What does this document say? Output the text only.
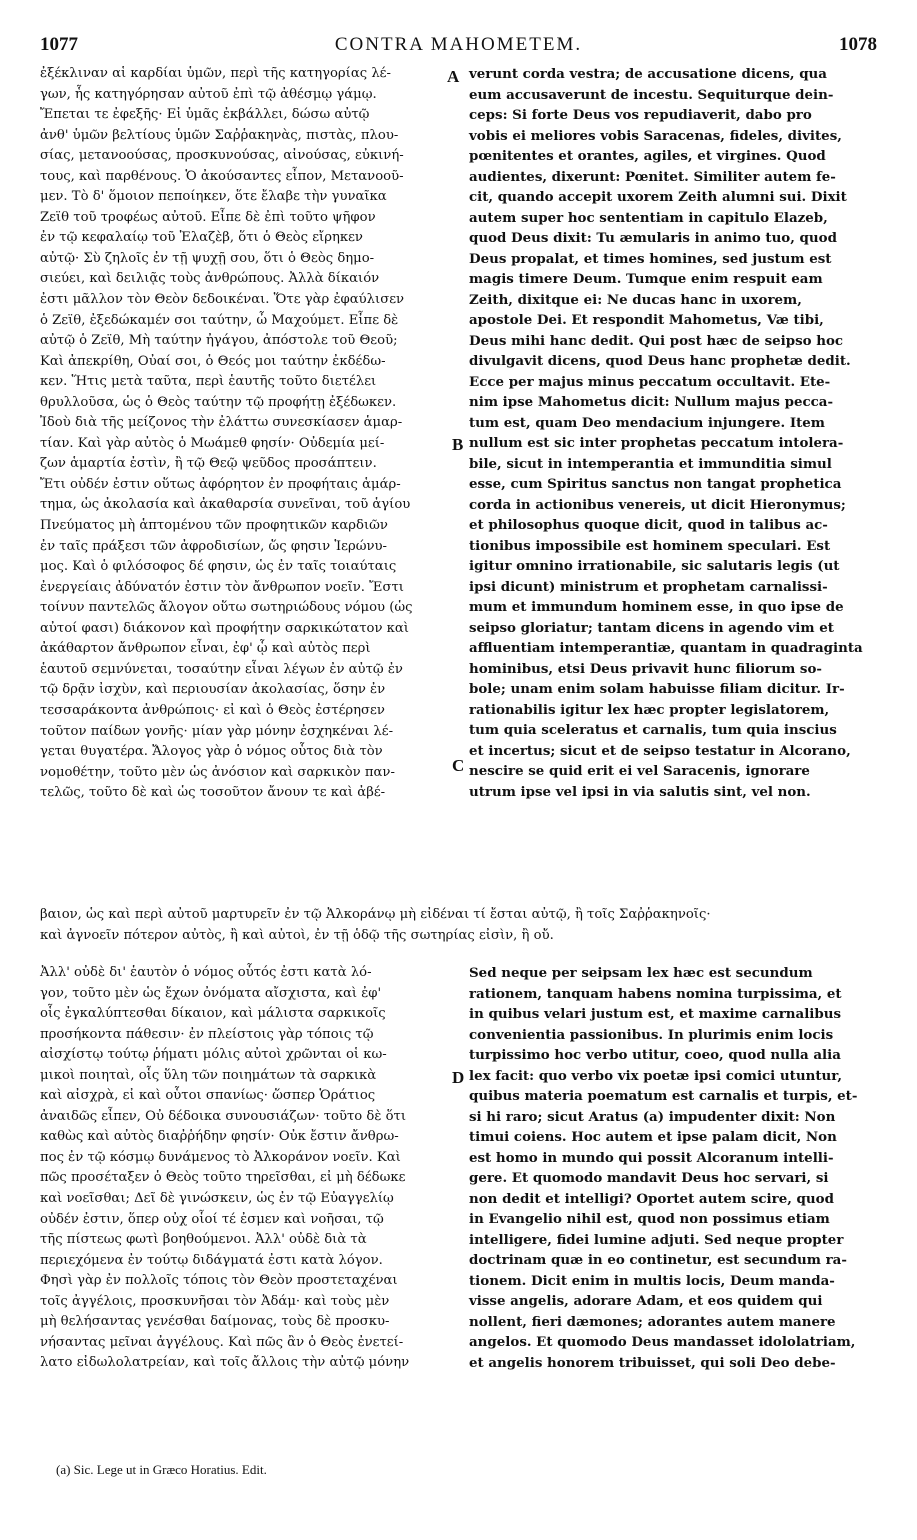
1077	CONTRA MAHOMETEM.	1078
ἐξέκλιναν αἱ καρδίαι ὑμῶν, περὶ τῆς κατηγορίας λέ-
γων, ἧς κατηγόρησαν αὐτοῦ ἐπὶ τῷ ἀθέσμῳ γάμῳ.
Ἔπεται τε ἐφεξῆς· Εἰ ὑμᾶς ἐκβάλλει, δώσω αὐτῷ
ἀνθ' ὑμῶν βελτίους ὑμῶν Σαῤῥακηνὰς, πιστὰς, πλου-
σίας, μετανοούσας, προσκυνούσας, αἰνούσας, εὐκινή-
τους, καὶ παρθένους. Ὁ ἀκούσαντες εἶπον, Μετανοοῦ-
μεν. Τὸ δ' ὅμοιον πεποίηκεν, ὅτε ἔλαβε τὴν γυναῖκα
Ζεϊθ τοῦ τροφέως αὐτοῦ. Εἶπε δὲ ἐπὶ τοῦτο ψῆφον
ἐν τῷ κεφαλαίῳ τοῦ Ἐλαζὲβ, ὅτι ὁ Θεὸς εἴρηκεν
αὐτῷ· Σὺ ζηλοῖς ἐν τῇ ψυχῇ σου, ὅτι ὁ Θεὸς δημο-
σιεύει, καὶ δειλιᾷς τοὺς ἀνθρώπους. Ἀλλὰ δίκαιόν
ἐστι μᾶλλον τὸν Θεὸν δεδοικέναι. Ὅτε γὰρ ἐφαύλισεν
ὁ Ζεϊθ, ἐξεδώκαμέν σοι ταύτην, ὦ Μαχούμετ. Εἶπε δὲ
αὐτῷ ὁ Ζεϊθ, Μὴ ταύτην ἠγάγου, ἀπόστολε τοῦ Θεοῦ;
Καὶ ἀπεκρίθη, Οὐαί σοι, ὁ Θεός μοι ταύτην ἐκδέδω-
κεν. Ἥτις μετὰ ταῦτα, περὶ ἑαυτῆς τοῦτο διετέλει
θρυλλοῦσα, ὡς ὁ Θεὸς ταύτην τῷ προφήτῃ ἐξέδωκεν.
Ἰδοὺ διὰ τῆς μείζονος τὴν ἐλάττω συνεσκίασεν ἁμαρ-
τίαν. Καὶ γὰρ αὐτὸς ὁ Μωάμεθ φησίν· Οὐδεμία μεί-
ζων ἁμαρτία ἐστὶν, ἢ τῷ Θεῷ ψεῦδος προσάπτειν.
Ἔτι οὐδέν ἐστιν οὕτως ἀφόρητον ἐν προφήταις ἁμάρ-
τημα, ὡς ἀκολασία καὶ ἀκαθαρσία συνεῖναι, τοῦ ἁγίου
Πνεύματος μὴ ἁπτομένου τῶν προφητικῶν καρδιῶν
ἐν ταῖς πράξεσι τῶν ἀφροδισίων, ὥς φησιν Ἱερώνυ-
μος. Καὶ ὁ φιλόσοφος δέ φησιν, ὡς ἐν ταῖς τοιαύταις
ἐνεργείαις ἀδύνατόν ἐστιν τὸν ἄνθρωπον νοεῖν. Ἔστι
τοίνυν παντελῶς ἄλογον οὕτω σωτηριώδους νόμου (ὡς
αὐτοί φασι) διάκονον καὶ προφήτην σαρκικώτατον καὶ
ἀκάθαρτον ἄνθρωπον εἶναι, ἐφ' ᾧ καὶ αὐτὸς περὶ
ἑαυτοῦ σεμνύνεται, τοσαύτην εἶναι λέγων ἐν αὐτῷ ἐν
τῷ δρᾷν ἰσχὺν, καὶ περιουσίαν ἀκολασίας, ὅσην ἐν
τεσσαράκοντα ἀνθρώποις· εἰ καὶ ὁ Θεὸς ἐστέρησεν
τοῦτον παίδων γονῆς· μίαν γὰρ μόνην ἐσχηκέναι λέ-
γεται θυγατέρα. Ἄλογος γὰρ ὁ νόμος οὗτος διὰ τὸν
νομοθέτην, τοῦτο μὲν ὡς ἀνόσιον καὶ σαρκικὸν παν-
τελῶς, τοῦτο δὲ καὶ ὡς τοσοῦτον ἄνουν τε καὶ ἀβέ-
verunt corda vestra; de accusatione dicens, qua
eum accusaverunt de incestu. Sequiturque dein-
ceps: Si forte Deus vos repudiaverit, dabo pro
vobis ei meliores vobis Saracenas, fideles, divites,
pœnitentes et orantes, agiles, et virgines. Quod
audientes, dixerunt: Pœnitet. Similiter autem fe-
cit, quando accepit uxorem Zeith alumni sui. Dixit
autem super hoc sententiam in capitulo Elazeb,
quod Deus dixit: Tu æmularis in animo tuo, quod
Deus propalat, et times homines, sed justum est
magis timere Deum. Tumque enim respuit eam
Zeith, dixitque ei: Ne ducas hanc in uxorem,
apostole Dei. Et respondit Mahometus, Væ tibi,
Deus mihi hanc dedit. Qui post hæc de seipso hoc
divulgavit dicens, quod Deus hanc prophetæ dedit.
Ecce per majus minus peccatum occultavit. Ete-
nim ipse Mahometus dicit: Nullum majus pecca-
tum est, quam Deo mendacium injungere. Item
nullum est sic inter prophetas peccatum intolera-
bile, sicut in intemperantia et immunditia simul
esse, cum Spiritus sanctus non tangat prophetica
corda in actionibus venereis, ut dicit Hieronymus;
et philosophus quoque dicit, quod in talibus ac-
tionibus impossibile est hominem speculari. Est
igitur omnino irrationabile, sic salutaris legis (ut
ipsi dicunt) ministrum et prophetam carnalissi-
mum et immundum hominem esse, in quo ipse de
seipso gloriatur; tantam dicens in agendo vim et
affluentiam intemperantiæ, quantam in quadraginta
hominibus, etsi Deus privavit hunc filiorum so-
bole; unam enim solam habuisse filiam dicitur. Ir-
rationabilis igitur lex hæc propter legislatorem,
tum quia sceleratus et carnalis, tum quia inscius
et incertus; sicut et de seipso testatur in Alcorano,
nescire se quid erit ei vel Saracenis, ignorare
utrum ipse vel ipsi in via salutis sint, vel non.
A
B
C
D
βαιον, ὡς καὶ περὶ αὐτοῦ μαρτυρεῖν ἐν τῷ Ἀλκοράνῳ μὴ εἰδέναι τί ἔσται αὐτῷ, ἢ τοῖς Σαῤῥακηνοῖς·
καὶ ἀγνοεῖν πότερον αὐτὸς, ἢ καὶ αὐτοὶ, ἐν τῇ ὁδῷ τῆς σωτηρίας εἰσὶν, ἢ οὔ.
Ἀλλ' οὐδὲ δι' ἑαυτὸν ὁ νόμος οὗτός ἐστι κατὰ λό-
γον, τοῦτο μὲν ὡς ἔχων ὀνόματα αἴσχιστα, καὶ ἐφ'
οἷς ἐγκαλύπτεσθαι δίκαιον, καὶ μάλιστα σαρκικοῖς
προσήκοντα πάθεσιν· ἐν πλείστοις γὰρ τόποις τῷ
αἰσχίστῳ τούτῳ ῥήματι μόλις αὐτοὶ χρῶνται οἱ κω-
μικοὶ ποιηταὶ, οἷς ὕλη τῶν ποιημάτων τὰ σαρκικὰ
καὶ αἰσχρὰ, εἰ καὶ οὗτοι σπανίως· ὥσπερ Ὁράτιος
ἀναιδῶς εἶπεν, Οὐ δέδοικα συνουσιάζων· τοῦτο δὲ ὅτι
καθὼς καὶ αὐτὸς διαῤῥήδην φησίν· Οὐκ ἔστιν ἄνθρω-
πος ἐν τῷ κόσμῳ δυνάμενος τὸ Ἀλκοράνον νοεῖν. Καὶ
πῶς προσέταξεν ὁ Θεὸς τοῦτο τηρεῖσθαι, εἰ μὴ δέδωκε
καὶ νοεῖσθαι; Δεῖ δὲ γινώσκειν, ὡς ἐν τῷ Εὐαγγελίῳ
οὐδέν ἐστιν, ὅπερ οὐχ οἷοί τέ ἐσμεν καὶ νοῆσαι, τῷ
τῆς πίστεως φωτὶ βοηθούμενοι. Ἀλλ' οὐδὲ διὰ τὰ
περιεχόμενα ἐν τούτῳ διδάγματά ἐστι κατὰ λόγον.
Φησὶ γὰρ ἐν πολλοῖς τόποις τὸν Θεὸν προστεταχέναι
τοῖς ἀγγέλοις, προσκυνῆσαι τὸν Ἀδάμ· καὶ τοὺς μὲν
μὴ θελήσαντας γενέσθαι δαίμονας, τοὺς δὲ προσκυ-
νήσαντας μεῖναι ἀγγέλους. Καὶ πῶς ἂν ὁ Θεὸς ἐνετεί-
λατο εἰδωλολατρείαν, καὶ τοῖς ἄλλοις τὴν αὐτῷ μόνην
Sed neque per seipsam lex hæc est secundum
rationem, tanquam habens nomina turpissima, et
in quibus velari justum est, et maxime carnalibus
convenientia passionibus. In plurimis enim locis
turpissimo hoc verbo utitur, coeo, quod nulla alia
lex facit: quo verbo vix poetæ ipsi comici utuntur,
quibus materia poematum est carnalis et turpis, et-
si hi raro; sicut Aratus (a) impudenter dixit: Non
timui coiens. Hoc autem et ipse palam dicit, Non
est homo in mundo qui possit Alcoranum intelli-
gere. Et quomodo mandavit Deus hoc servari, si
non dedit et intelligi? Oportet autem scire, quod
in Evangelio nihil est, quod non possimus etiam
intelligere, fidei lumine adjuti. Sed neque propter
doctrinam quæ in eo continetur, est secundum ra-
tionem. Dicit enim in multis locis, Deum manda-
visse angelis, adorare Adam, et eos quidem qui
nollent, fieri dæmones; adorantes autem manere
angelos. Et quomodo Deus mandasset idololatriam,
et angelis honorem tribuisset, qui soli Deo debe-
(a) Sic. Lege ut in Græco Horatius. Edit.
